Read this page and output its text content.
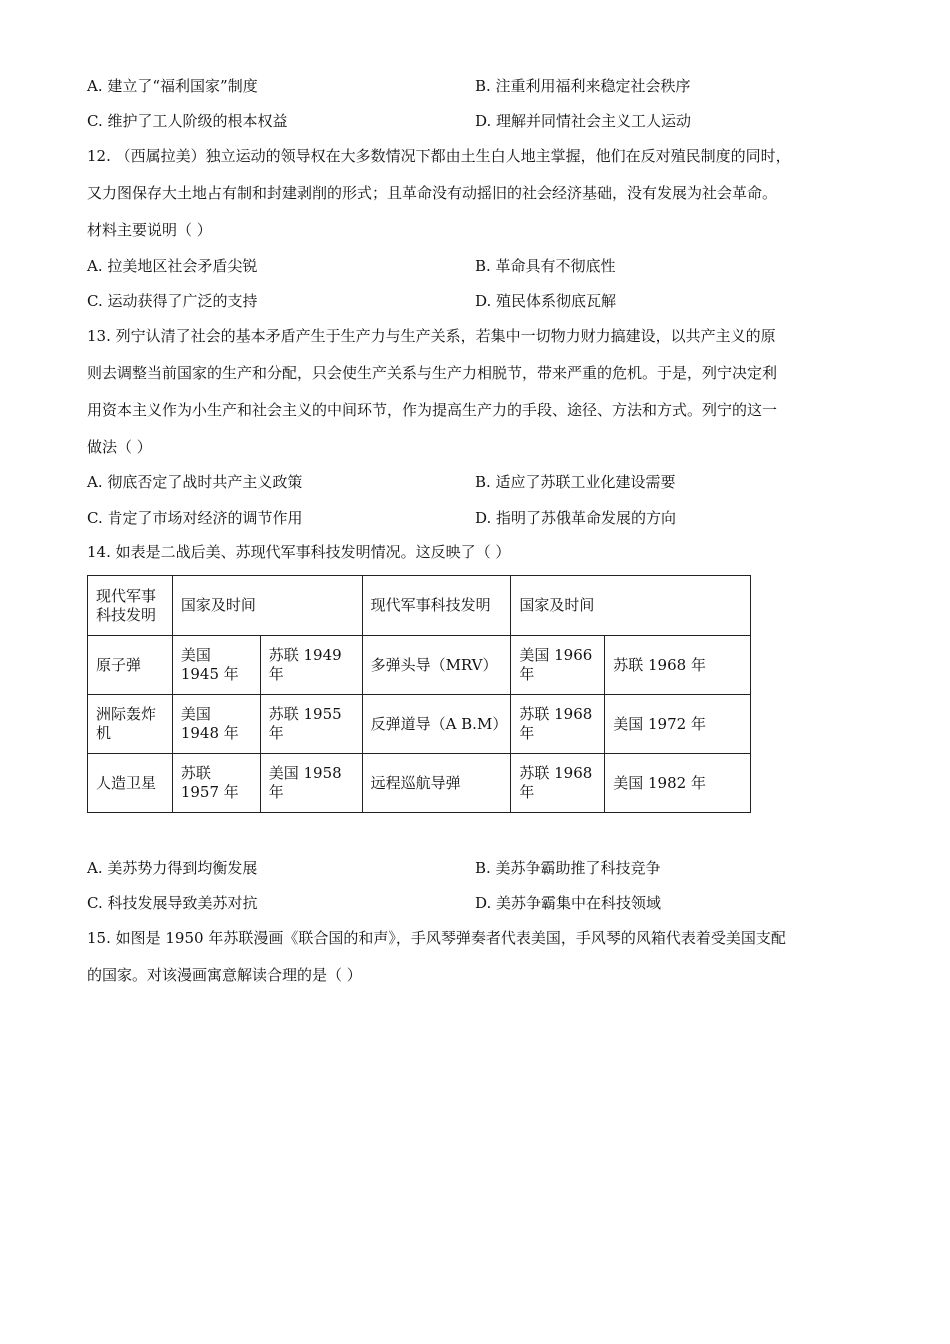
A. 建立了“福利国家”制度	B. 注重利用福利来稳定社会秩序
C. 维护了工人阶级的根本权益	D. 理解并同情社会主义工人运动
12. （西属拉美）独立运动的领导权在大多数情况下都由土生白人地主掌握，他们在反对殖民制度的同时，
又力图保存大土地占有制和封建剥削的形式；且革命没有动摇旧的社会经济基础，没有发展为社会革命。
材料主要说明（ ）
A. 拉美地区社会矛盾尖锐	B. 革命具有不彻底性
C. 运动获得了广泛的支持	D. 殖民体系彻底瓦解
13. 列宁认清了社会的基本矛盾产生于生产力与生产关系，若集中一切物力财力搞建设，以共产主义的原
则去调整当前国家的生产和分配，只会使生产关系与生产力相脱节，带来严重的危机。于是，列宁决定利
用资本主义作为小生产和社会主义的中间环节，作为提高生产力的手段、途径、方法和方式。列宁的这一
做法（ ）
A. 彻底否定了战时共产主义政策	B. 适应了苏联工业化建设需要
C. 肯定了市场对经济的调节作用	D. 指明了苏俄革命发展的方向
14. 如表是二战后美、苏现代军事科技发明情况。这反映了（ ）
现代军事科技发明	国家及时间		现代军事科技发明	国家及时间	
原子弹	美国 1945 年	苏联 1949 年	多弹头导（MRV）	美国 1966 年	苏联 1968 年
洲际轰炸机	美国 1948 年	苏联 1955 年	反弹道导（A B.M）	苏联 1968 年	美国 1972 年
人造卫星	苏联 1957 年	美国 1958 年	远程巡航导弹	苏联 1968 年	美国 1982 年
A. 美苏势力得到均衡发展	B. 美苏争霸助推了科技竞争
C. 科技发展导致美苏对抗	D. 美苏争霸集中在科技领域
15. 如图是 1950 年苏联漫画《联合国的和声》，手风琴弹奏者代表美国，手风琴的风箱代表着受美国支配
的国家。对该漫画寓意解读合理的是（ ）
